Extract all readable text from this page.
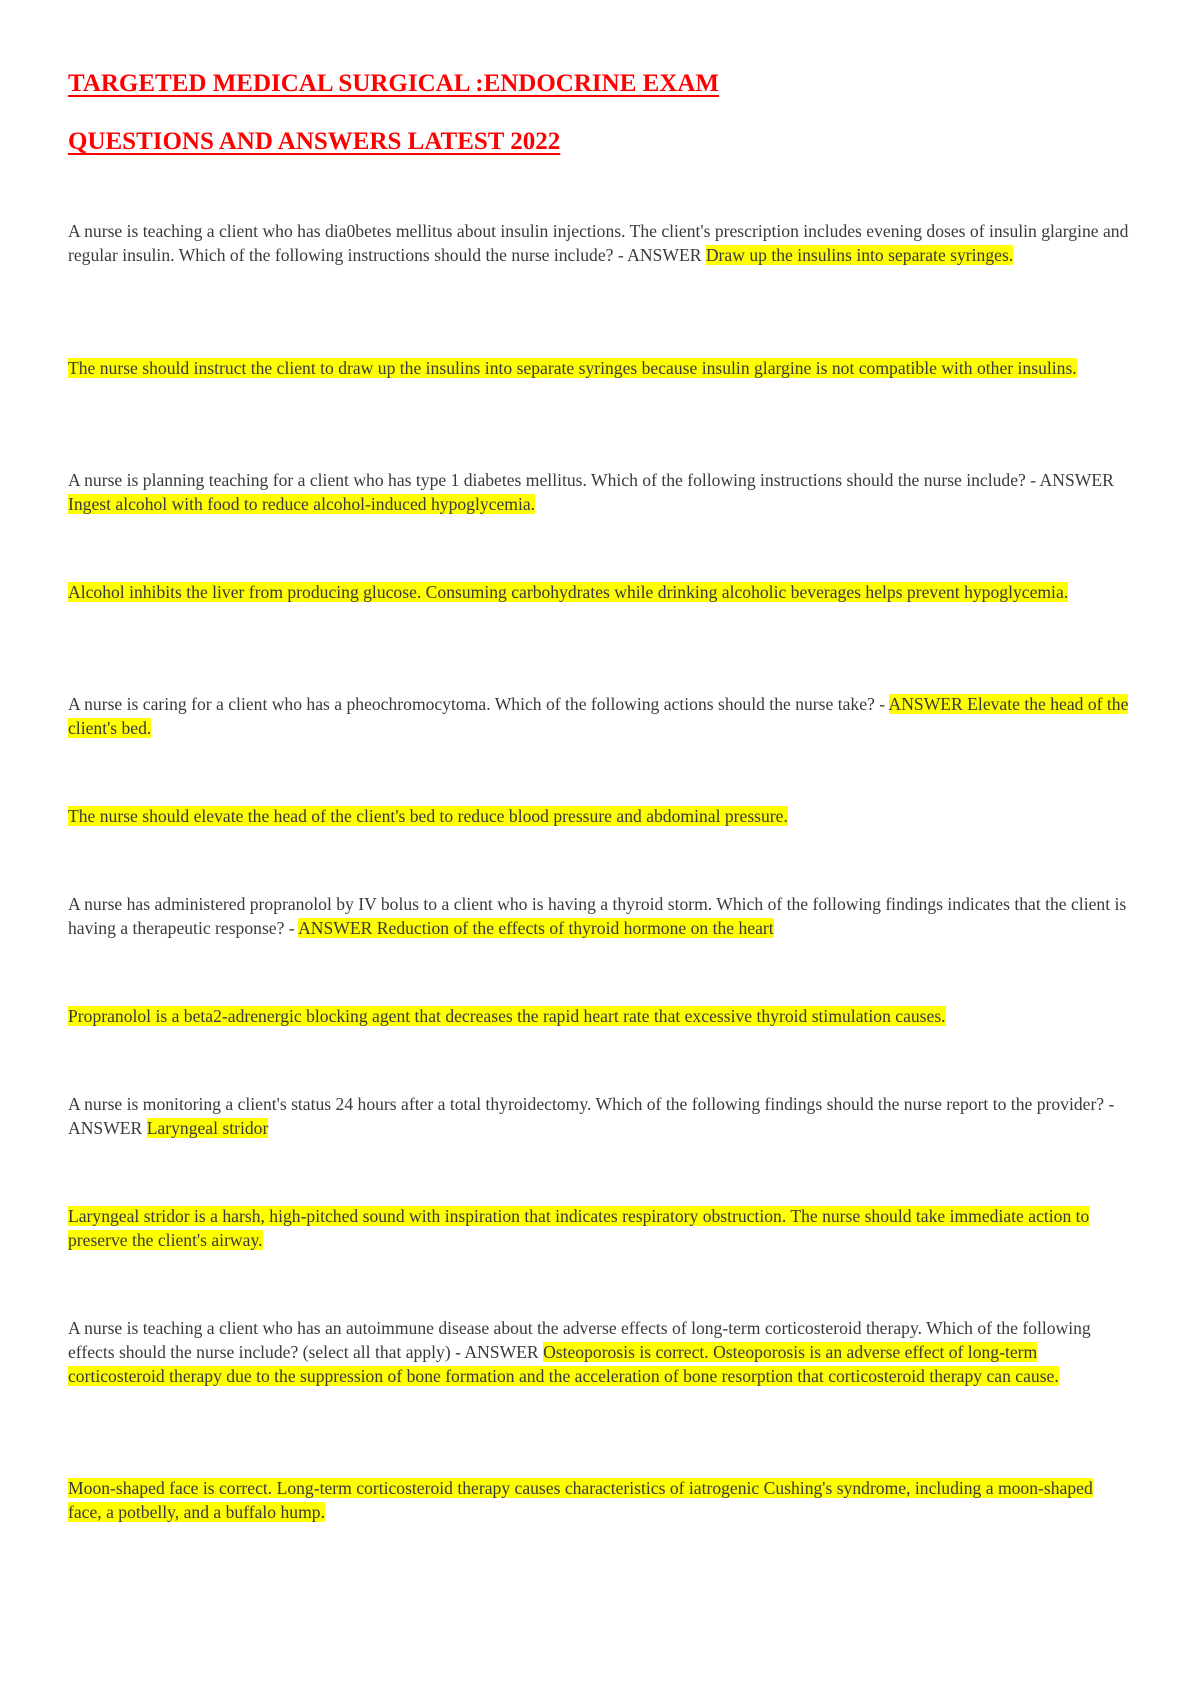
TARGETED MEDICAL SURGICAL :ENDOCRINE EXAM
QUESTIONS AND ANSWERS LATEST 2022

A nurse is teaching a client who has dia0betes mellitus about insulin injections. The client's prescription includes evening doses of insulin glargine and regular insulin. Which of the following instructions should the nurse include? - ANSWER Draw up the insulins into separate syringes.

The nurse should instruct the client to draw up the insulins into separate syringes because insulin glargine is not compatible with other insulins.

A nurse is planning teaching for a client who has type 1 diabetes mellitus. Which of the following instructions should the nurse include? - ANSWER Ingest alcohol with food to reduce alcohol-induced hypoglycemia.

Alcohol inhibits the liver from producing glucose. Consuming carbohydrates while drinking alcoholic beverages helps prevent hypoglycemia.

A nurse is caring for a client who has a pheochromocytoma. Which of the following actions should the nurse take? - ANSWER Elevate the head of the client's bed.

The nurse should elevate the head of the client's bed to reduce blood pressure and abdominal pressure.

A nurse has administered propranolol by IV bolus to a client who is having a thyroid storm. Which of the following findings indicates that the client is having a therapeutic response? - ANSWER Reduction of the effects of thyroid hormone on the heart

Propranolol is a beta2-adrenergic blocking agent that decreases the rapid heart rate that excessive thyroid stimulation causes.

A nurse is monitoring a client's status 24 hours after a total thyroidectomy. Which of the following findings should the nurse report to the provider? - ANSWER Laryngeal stridor

Laryngeal stridor is a harsh, high-pitched sound with inspiration that indicates respiratory obstruction. The nurse should take immediate action to preserve the client's airway.

A nurse is teaching a client who has an autoimmune disease about the adverse effects of long-term corticosteroid therapy. Which of the following effects should the nurse include? (select all that apply) - ANSWER Osteoporosis is correct. Osteoporosis is an adverse effect of long-term corticosteroid therapy due to the suppression of bone formation and the acceleration of bone resorption that corticosteroid therapy can cause.

Moon-shaped face is correct. Long-term corticosteroid therapy causes characteristics of iatrogenic Cushing's syndrome, including a moon-shaped face, a potbelly, and a buffalo hump.
